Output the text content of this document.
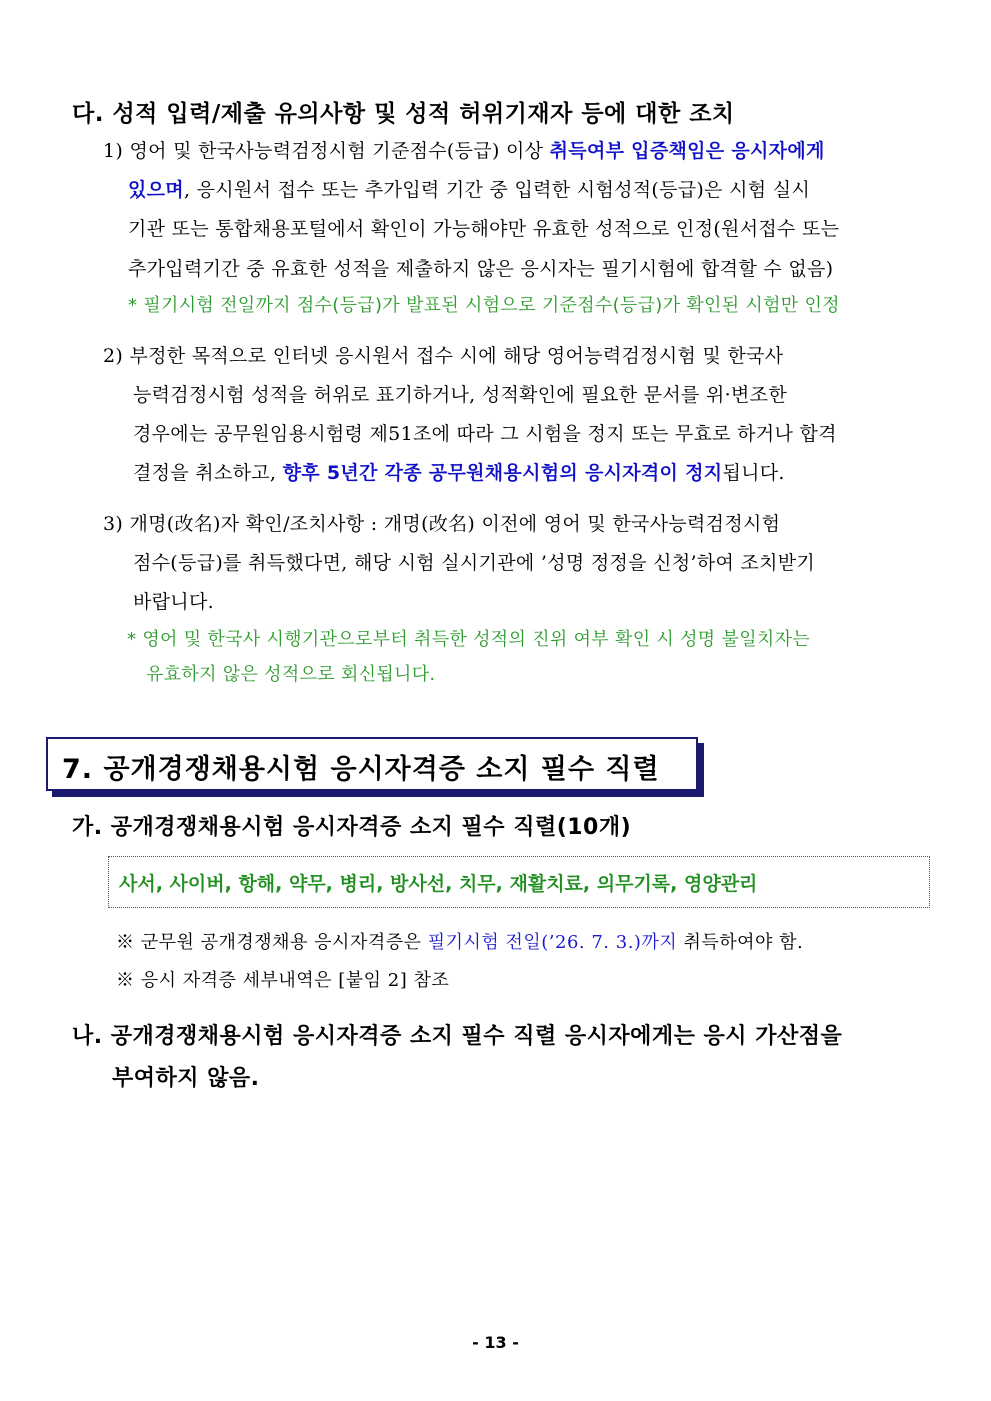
다. 성적 입력/제출 유의사항 및 성적 허위기재자 등에 대한 조치
1) 영어 및 한국사능력검정시험 기준점수(등급) 이상 취득여부 입증책임은 응시자에게
있으며, 응시원서 접수 또는 추가입력 기간 중 입력한 시험성적(등급)은 시험 실시
기관 또는 통합채용포털에서 확인이 가능해야만 유효한 성적으로 인정(원서접수 또는
추가입력기간 중 유효한 성적을 제출하지 않은 응시자는 필기시험에 합격할 수 없음)
* 필기시험 전일까지 점수(등급)가 발표된 시험으로 기준점수(등급)가 확인된 시험만 인정
2) 부정한 목적으로 인터넷 응시원서 접수 시에 해당 영어능력검정시험 및 한국사
능력검정시험 성적을 허위로 표기하거나, 성적확인에 필요한 문서를 위·변조한
경우에는 공무원임용시험령 제51조에 따라 그 시험을 정지 또는 무효로 하거나 합격
결정을 취소하고, 향후 5년간 각종 공무원채용시험의 응시자격이 정지됩니다.
3) 개명(改名)자 확인/조치사항 : 개명(改名) 이전에 영어 및 한국사능력검정시험
점수(등급)를 취득했다면, 해당 시험 실시기관에 ’성명 정정을 신청’하여 조치받기
바랍니다.
* 영어 및 한국사 시행기관으로부터 취득한 성적의 진위 여부 확인 시 성명 불일치자는
유효하지 않은 성적으로 회신됩니다.
7. 공개경쟁채용시험 응시자격증 소지 필수 직렬
가. 공개경쟁채용시험 응시자격증 소지 필수 직렬(10개)
사서, 사이버, 항해, 약무, 병리, 방사선, 치무, 재활치료, 의무기록, 영양관리
※ 군무원 공개경쟁채용 응시자격증은 필기시험 전일(’26. 7. 3.)까지 취득하여야 함.
※ 응시 자격증 세부내역은 [붙임 2] 참조
나. 공개경쟁채용시험 응시자격증 소지 필수 직렬 응시자에게는 응시 가산점을
부여하지 않음.
- 13 -
